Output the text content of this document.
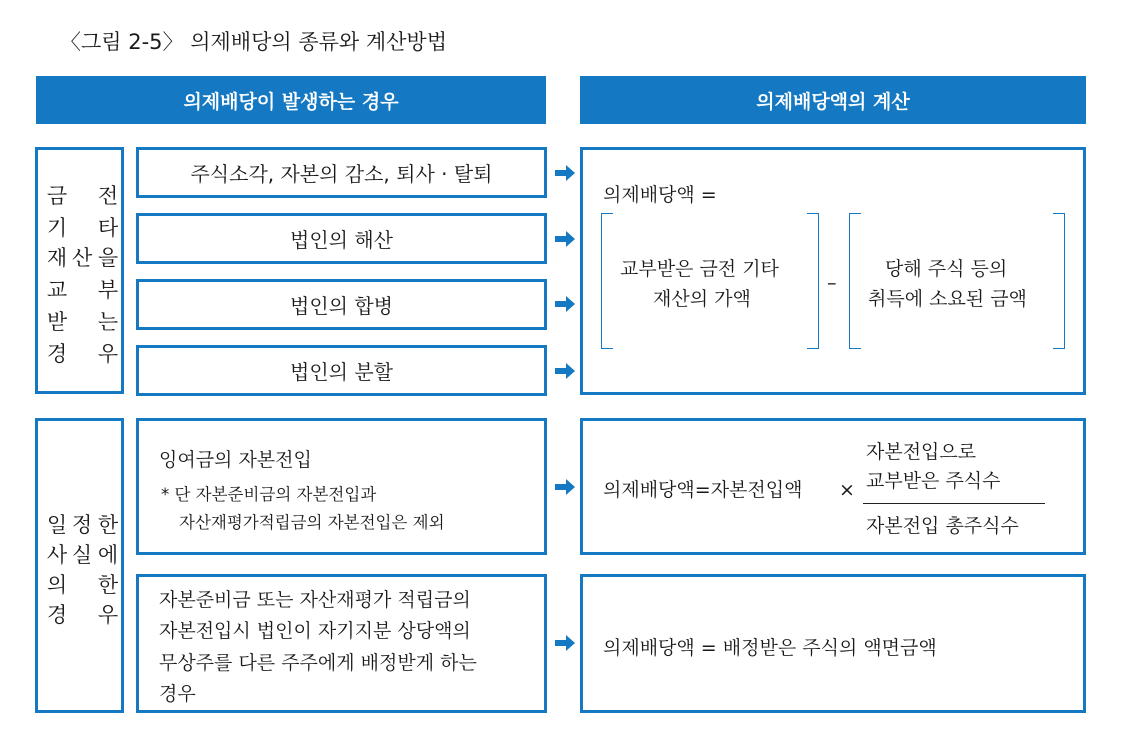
〈그림 2-5〉 의제배당의 종류와 계산방법
의제배당이 발생하는 경우	의제배당액의 계산
금 전
기 타
재 산 을
교 부
받 는
경 우
주식소각, 자본의 감소, 퇴사 · 탈퇴
법인의 해산
법인의 합병
법인의 분할
의제배당액 =
교부받은 금전 기타
재산의 가액
–
당해 주식 등의
취득에 소요된 금액
일 정 한
사 실 에
의 한
경 우
잉여금의 자본전입
* 단 자본준비금의 자본전입과
자산재평가적립금의 자본전입은 제외
자본준비금 또는 자산재평가 적립금의
자본전입시 법인이 자기지분 상당액의
무상주를 다른 주주에게 배정받게 하는
경우
의제배당액=자본전입액 ×
자본전입으로
교부받은 주식수
자본전입 총주식수
의제배당액 = 배정받은 주식의 액면금액
